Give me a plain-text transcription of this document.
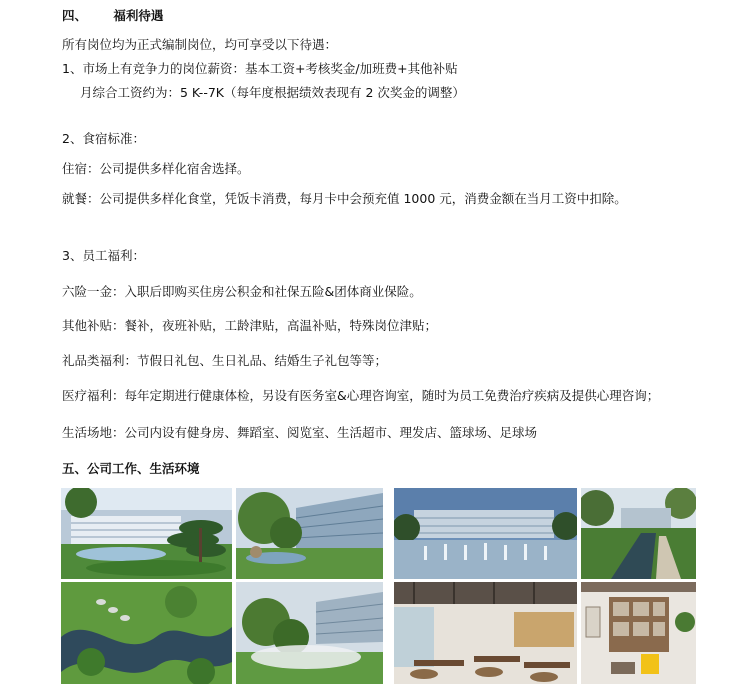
四、 福利待遇
所有岗位均为正式编制岗位，均可享受以下待遇：
1、市场上有竞争力的岗位薪资：基本工资+考核奖金/加班费+其他补贴
月综合工资约为：5 K--7K（每年度根据绩效表现有 2 次奖金的调整）
2、食宿标准：
住宿：公司提供多样化宿舍选择。
就餐：公司提供多样化食堂，凭饭卡消费，每月卡中会预充值 1000 元，消费金额在当月工资中扣除。
3、员工福利：
六险一金：入职后即购买住房公积金和社保五险&团体商业保险。
其他补贴：餐补，夜班补贴，工龄津贴，高温补贴，特殊岗位津贴；
礼品类福利：节假日礼包、生日礼品、结婚生子礼包等等；
医疗福利：每年定期进行健康体检，另设有医务室&心理咨询室，随时为员工免费治疗疾病及提供心理咨询；
生活场地：公司内设有健身房、舞蹈室、阅览室、生活超市、理发店、篮球场、足球场
五、公司工作、生活环境
